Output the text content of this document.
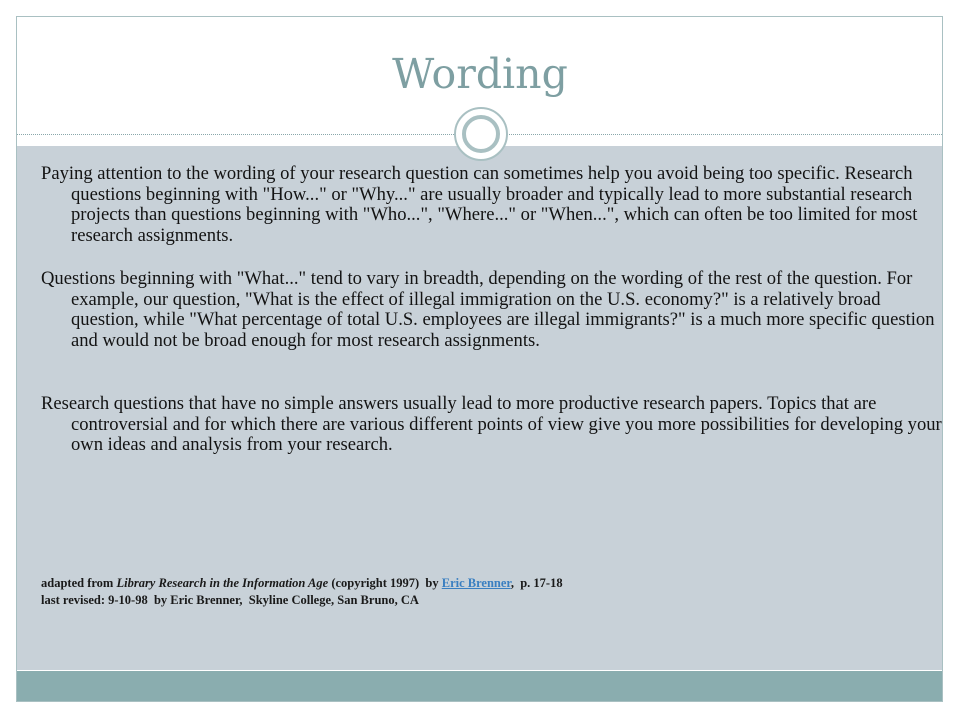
Wording

Paying attention to the wording of your research question can sometimes help you avoid being too specific. Research questions beginning with "How..." or "Why..." are usually broader and typically lead to more substantial research projects than questions beginning with "Who...", "Where..." or "When...", which can often be too limited for most research assignments.

Questions beginning with "What..." tend to vary in breadth, depending on the wording of the rest of the question. For example, our question, "What is the effect of illegal immigration on the U.S. economy?" is a relatively broad question, while "What percentage of total U.S. employees are illegal immigrants?" is a much more specific question and would not be broad enough for most research assignments.

Research questions that have no simple answers usually lead to more productive research papers. Topics that are controversial and for which there are various different points of view give you more possibilities for developing your own ideas and analysis from your research.

adapted from Library Research in the Information Age (copyright 1997)  by Eric Brenner,  p. 17-18

last revised: 9-10-98  by Eric Brenner,  Skyline College, San Bruno, CA
